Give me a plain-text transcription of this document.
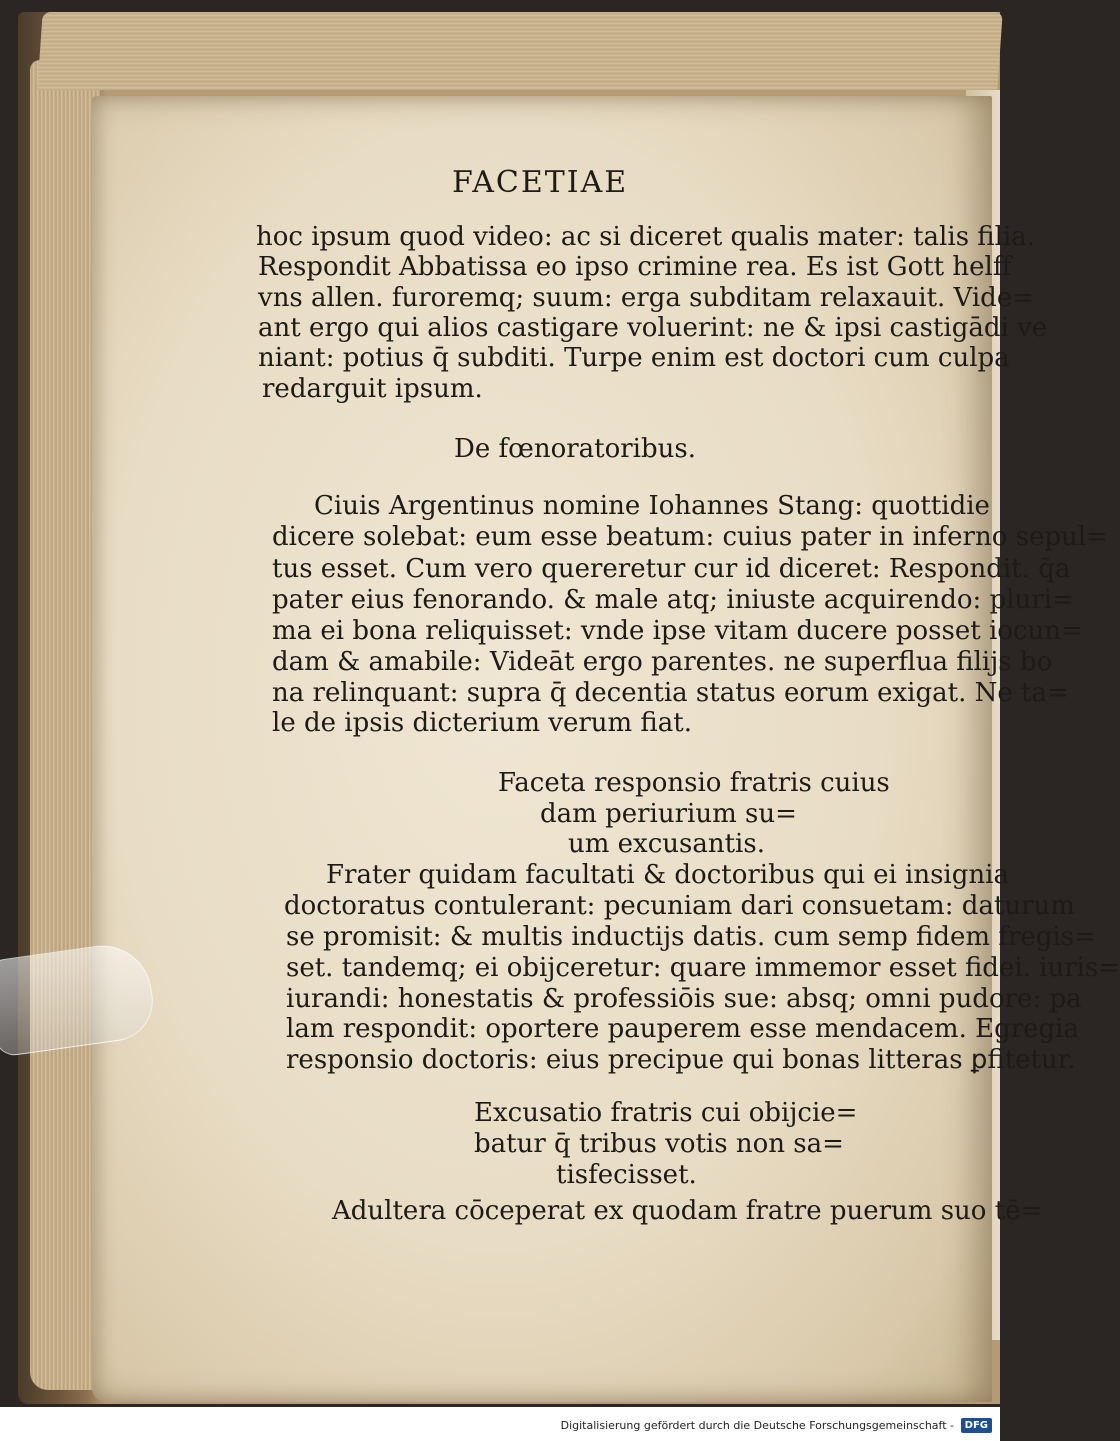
FACETIAE
hoc ipsum quod video: ac si diceret qualis mater: talis filia.
Respondit Abbatissa eo ipso crimine rea. Es ist Gott helff
vns allen. furoremq; suum: erga subditam relaxauit. Vide=
ant ergo qui alios castigare voluerint: ne & ipsi castigādi ve
niant: potius q̄ subditi. Turpe enim est doctori cum culpa
redarguit ipsum.
De fœnoratoribus.
Ciuis Argentinus nomine Iohannes Stang: quottidie
dicere solebat: eum esse beatum: cuius pater in inferno sepul=
tus esset. Cum vero quereretur cur id diceret: Respondit. q̄a
pater eius fenorando. & male atq; iniuste acquirendo: pluri=
ma ei bona reliquisset: vnde ipse vitam ducere posset iocun=
dam & amabile: Videāt ergo parentes. ne superflua filijs bo
na relinquant: supra q̄ decentia status eorum exigat. Ne ta=
le de ipsis dicterium verum fiat.
Faceta responsio fratris cuius
dam periurium su=
um excusantis.
Frater quidam facultati & doctoribus qui ei insignia
doctoratus contulerant: pecuniam dari consuetam: daturum
se promisit: & multis inductijs datis. cum semp fidem fregis=
set. tandemq; ei obijceretur: quare immemor esset fidei. iuris=
iurandi: honestatis & professiōis sue: absq; omni pudore: pa
lam respondit: oportere pauperem esse mendacem. Egregia
responsio doctoris: eius precipue qui bonas litteras ꝑfitetur.
Excusatio fratris cui obijcie=
batur q̄ tribus votis non sa=
tisfecisset.
Adultera cōceperat ex quodam fratre puerum suo tē=
Digitalisierung gefördert durch die Deutsche Forschungsgemeinschaft -	DFG
